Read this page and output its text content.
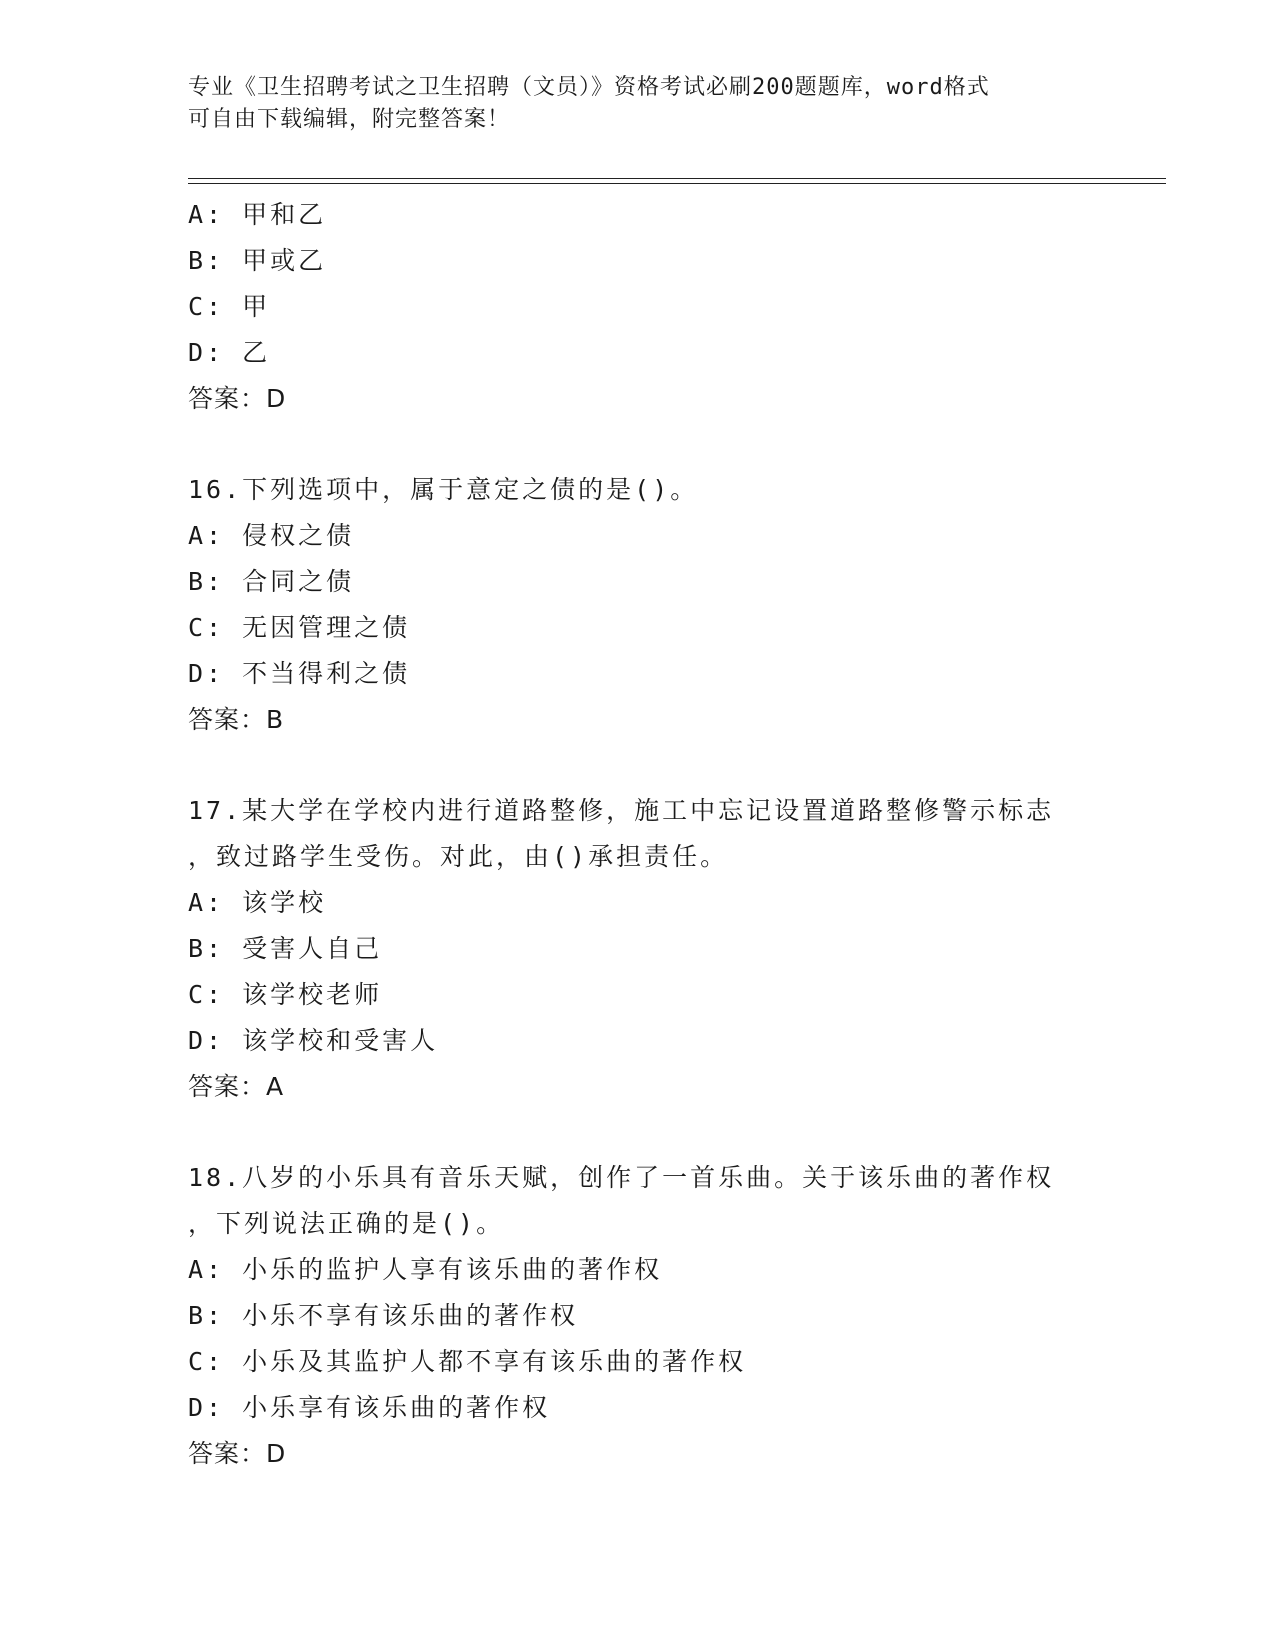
专业《卫生招聘考试之卫生招聘（文员）》资格考试必刷200题题库，word格式
可自由下载编辑，附完整答案！
A: 甲和乙
B: 甲或乙
C: 甲
D: 乙
答案：D
16.下列选项中，属于意定之债的是()。
A: 侵权之债
B: 合同之债
C: 无因管理之债
D: 不当得利之债
答案：B
17.某大学在学校内进行道路整修，施工中忘记设置道路整修警示标志
，致过路学生受伤。对此，由()承担责任。
A: 该学校
B: 受害人自己
C: 该学校老师
D: 该学校和受害人
答案：A
18.八岁的小乐具有音乐天赋，创作了一首乐曲。关于该乐曲的著作权
，下列说法正确的是()。
A: 小乐的监护人享有该乐曲的著作权
B: 小乐不享有该乐曲的著作权
C: 小乐及其监护人都不享有该乐曲的著作权
D: 小乐享有该乐曲的著作权
答案：D
